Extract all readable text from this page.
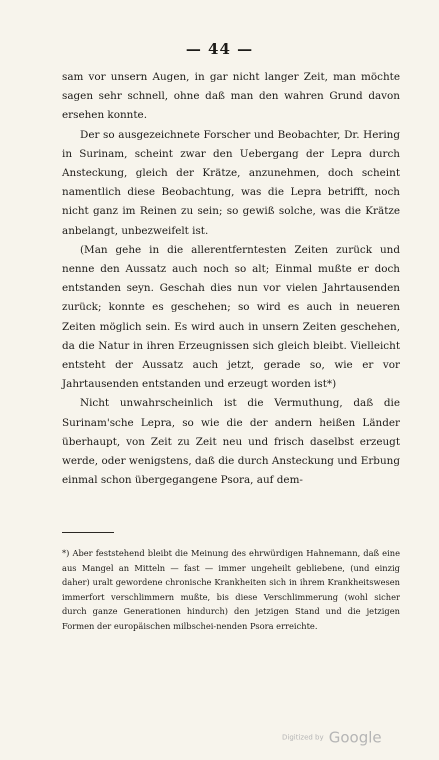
— 44 —

sam vor unsern Augen, in gar nicht langer Zeit, man möchte sagen sehr schnell, ohne daß man den wahren Grund davon ersehen konnte.

Der so ausgezeichnete Forscher und Beobachter, Dr. Hering in Surinam, scheint zwar den Uebergang der Lepra durch Ansteckung, gleich der Krätze, anzunehmen, doch scheint namentlich diese Beobachtung, was die Lepra betrifft, noch nicht ganz im Reinen zu sein; so gewiß solche, was die Krätze anbelangt, unbezweifelt ist.

(Man gehe in die allerentferntesten Zeiten zurück und nenne den Aussatz auch noch so alt; Einmal mußte er doch entstanden seyn. Geschah dies nun vor vielen Jahrtausenden zurück; konnte es geschehen; so wird es auch in neueren Zeiten möglich sein. Es wird auch in unsern Zeiten geschehen, da die Natur in ihren Erzeugnissen sich gleich bleibt. Vielleicht entsteht der Aussatz auch jetzt, gerade so, wie er vor Jahrtausenden entstanden und erzeugt worden ist*)

Nicht unwahrscheinlich ist die Vermuthung, daß die Surinam'sche Lepra, so wie die der andern heißen Länder überhaupt, von Zeit zu Zeit neu und frisch daselbst erzeugt werde, oder wenigstens, daß die durch Ansteckung und Erbung einmal schon übergegangene Psora, auf dem-

*) Aber feststehend bleibt die Meinung des ehrwürdigen Hahnemann, daß eine aus Mangel an Mitteln — fast — immer ungeheilt gebliebene, (und einzig daher) uralt gewordene chronische Krankheiten sich in ihrem Krankheitswesen immerfort verschlimmern mußte, bis diese Verschlimmerung (wohl sicher durch ganze Generationen hindurch) den jetzigen Stand und die jetzigen Formen der europäischen milbschei-nenden Psora erreichte.

Digitized by Google
